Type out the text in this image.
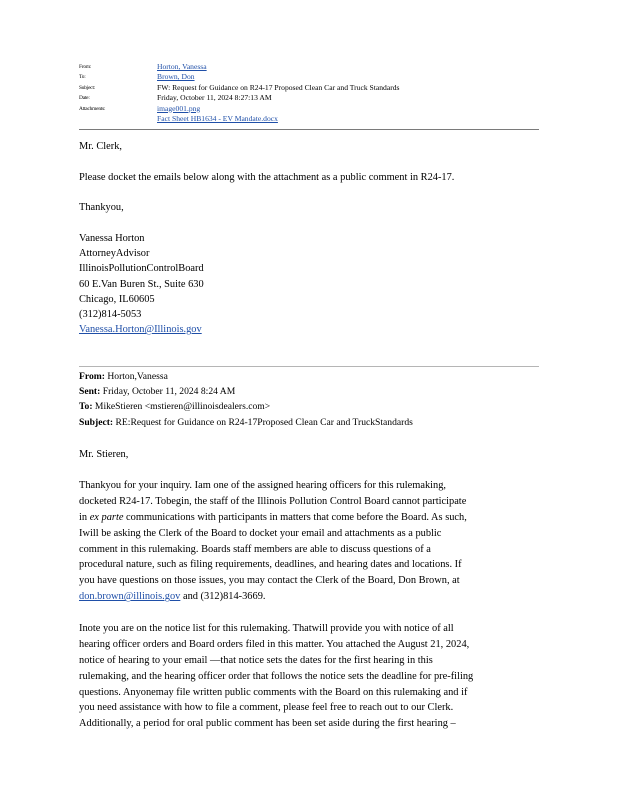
From:	Horton, Vanessa
To:	Brown, Don
Subject:	FW: Request for Guidance on R24-17 Proposed Clean Car and Truck Standards
Date:	Friday, October 11, 2024 8:27:13 AM
Attachments:	image001.png
Fact Sheet HB1634 - EV Mandate.docx
Mr. Clerk,
Please docket the emails below along with the attachment as a public comment in R24-17.
Thankyou,
Vanessa Horton
AttorneyAdvisor
IllinoisPollutionControlBoard
60 E.Van Buren St., Suite 630
Chicago, IL60605
(312)814-5053
Vanessa.Horton@Illinois.gov
From: Horton,Vanessa
Sent: Friday, October 11, 2024 8:24 AM
To: MikeStieren <mstieren@illinoisdealers.com>
Subject: RE:Request for Guidance on R24-17Proposed Clean Car and TruckStandards
Mr. Stieren,
Thankyou for your inquiry. Iam one of the assigned hearing officers for this rulemaking,
docketed R24-17. Tobegin, the staff of the Illinois Pollution Control Board cannot participate
in ex parte communications with participants in matters that come before the Board. As such,
Iwill be asking the Clerk of the Board to docket your email and attachments as a public
comment in this rulemaking. Boards staff members are able to discuss questions of a
procedural nature, such as filing requirements, deadlines, and hearing dates and locations. If
you have questions on those issues, you may contact the Clerk of the Board, Don Brown, at
don.brown@illinois.gov and (312)814-3669.
Inote you are on the notice list for this rulemaking. Thatwill provide you with notice of all
hearing officer orders and Board orders filed in this matter. You attached the August 21, 2024,
notice of hearing to your email —that notice sets the dates for the first hearing in this
rulemaking, and the hearing officer order that follows the notice sets the deadline for pre-filing
questions. Anyonemay file written public comments with the Board on this rulemaking and if
you need assistance with how to file a comment, please feel free to reach out to our Clerk.
Additionally, a period for oral public comment has been set aside during the first hearing –
